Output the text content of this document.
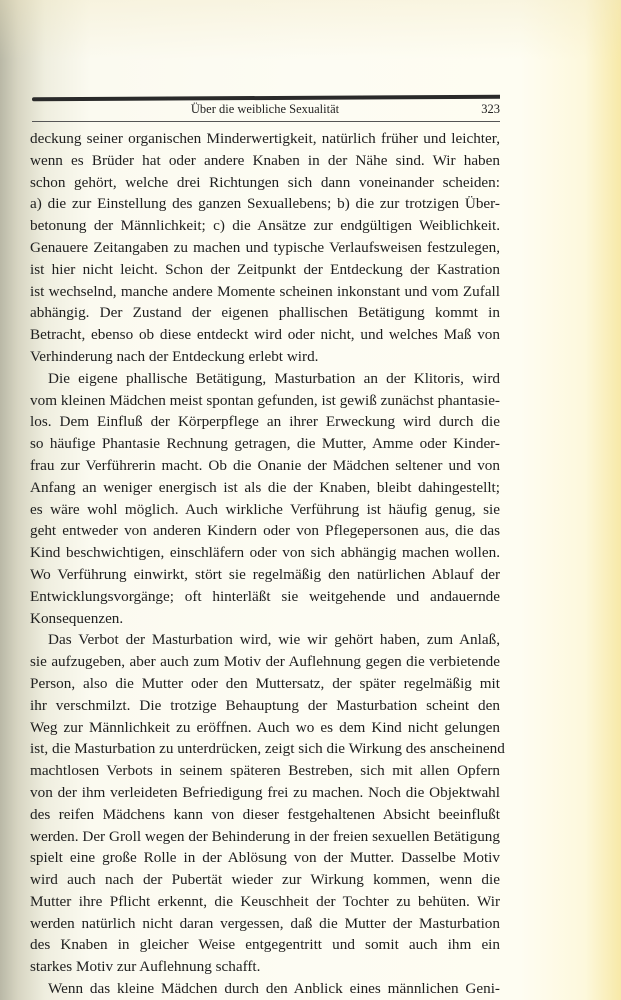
Über die weibliche Sexualität	323
deckung seiner organischen Minderwertigkeit, natürlich früher und leichter,
wenn es Brüder hat oder andere Knaben in der Nähe sind. Wir haben
schon gehört, welche drei Richtungen sich dann voneinander scheiden:
a) die zur Einstellung des ganzen Sexuallebens; b) die zur trotzigen Über-
betonung der Männlichkeit; c) die Ansätze zur endgültigen Weiblichkeit.
Genauere Zeitangaben zu machen und typische Verlaufsweisen festzulegen,
ist hier nicht leicht. Schon der Zeitpunkt der Entdeckung der Kastration
ist wechselnd, manche andere Momente scheinen inkonstant und vom Zufall
abhängig. Der Zustand der eigenen phallischen Betätigung kommt in
Betracht, ebenso ob diese entdeckt wird oder nicht, und welches Maß von
Verhinderung nach der Entdeckung erlebt wird.
Die eigene phallische Betätigung, Masturbation an der Klitoris, wird
vom kleinen Mädchen meist spontan gefunden, ist gewiß zunächst phantasie-
los. Dem Einfluß der Körperpflege an ihrer Erweckung wird durch die
so häufige Phantasie Rechnung getragen, die Mutter, Amme oder Kinder-
frau zur Verführerin macht. Ob die Onanie der Mädchen seltener und von
Anfang an weniger energisch ist als die der Knaben, bleibt dahingestellt;
es wäre wohl möglich. Auch wirkliche Verführung ist häufig genug, sie
geht entweder von anderen Kindern oder von Pflegepersonen aus, die das
Kind beschwichtigen, einschläfern oder von sich abhängig machen wollen.
Wo Verführung einwirkt, stört sie regelmäßig den natürlichen Ablauf der
Entwicklungsvorgänge; oft hinterläßt sie weitgehende und andauernde
Konsequenzen.
Das Verbot der Masturbation wird, wie wir gehört haben, zum Anlaß,
sie aufzugeben, aber auch zum Motiv der Auflehnung gegen die verbietende
Person, also die Mutter oder den Muttersatz, der später regelmäßig mit
ihr verschmilzt. Die trotzige Behauptung der Masturbation scheint den
Weg zur Männlichkeit zu eröffnen. Auch wo es dem Kind nicht gelungen
ist, die Masturbation zu unterdrücken, zeigt sich die Wirkung des anscheinend
machtlosen Verbots in seinem späteren Bestreben, sich mit allen Opfern
von der ihm verleideten Befriedigung frei zu machen. Noch die Objektwahl
des reifen Mädchens kann von dieser festgehaltenen Absicht beeinflußt
werden. Der Groll wegen der Behinderung in der freien sexuellen Betätigung
spielt eine große Rolle in der Ablösung von der Mutter. Dasselbe Motiv
wird auch nach der Pubertät wieder zur Wirkung kommen, wenn die
Mutter ihre Pflicht erkennt, die Keuschheit der Tochter zu behüten. Wir
werden natürlich nicht daran vergessen, daß die Mutter der Masturbation
des Knaben in gleicher Weise entgegentritt und somit auch ihm ein
starkes Motiv zur Auflehnung schafft.
Wenn das kleine Mädchen durch den Anblick eines männlichen Geni-
